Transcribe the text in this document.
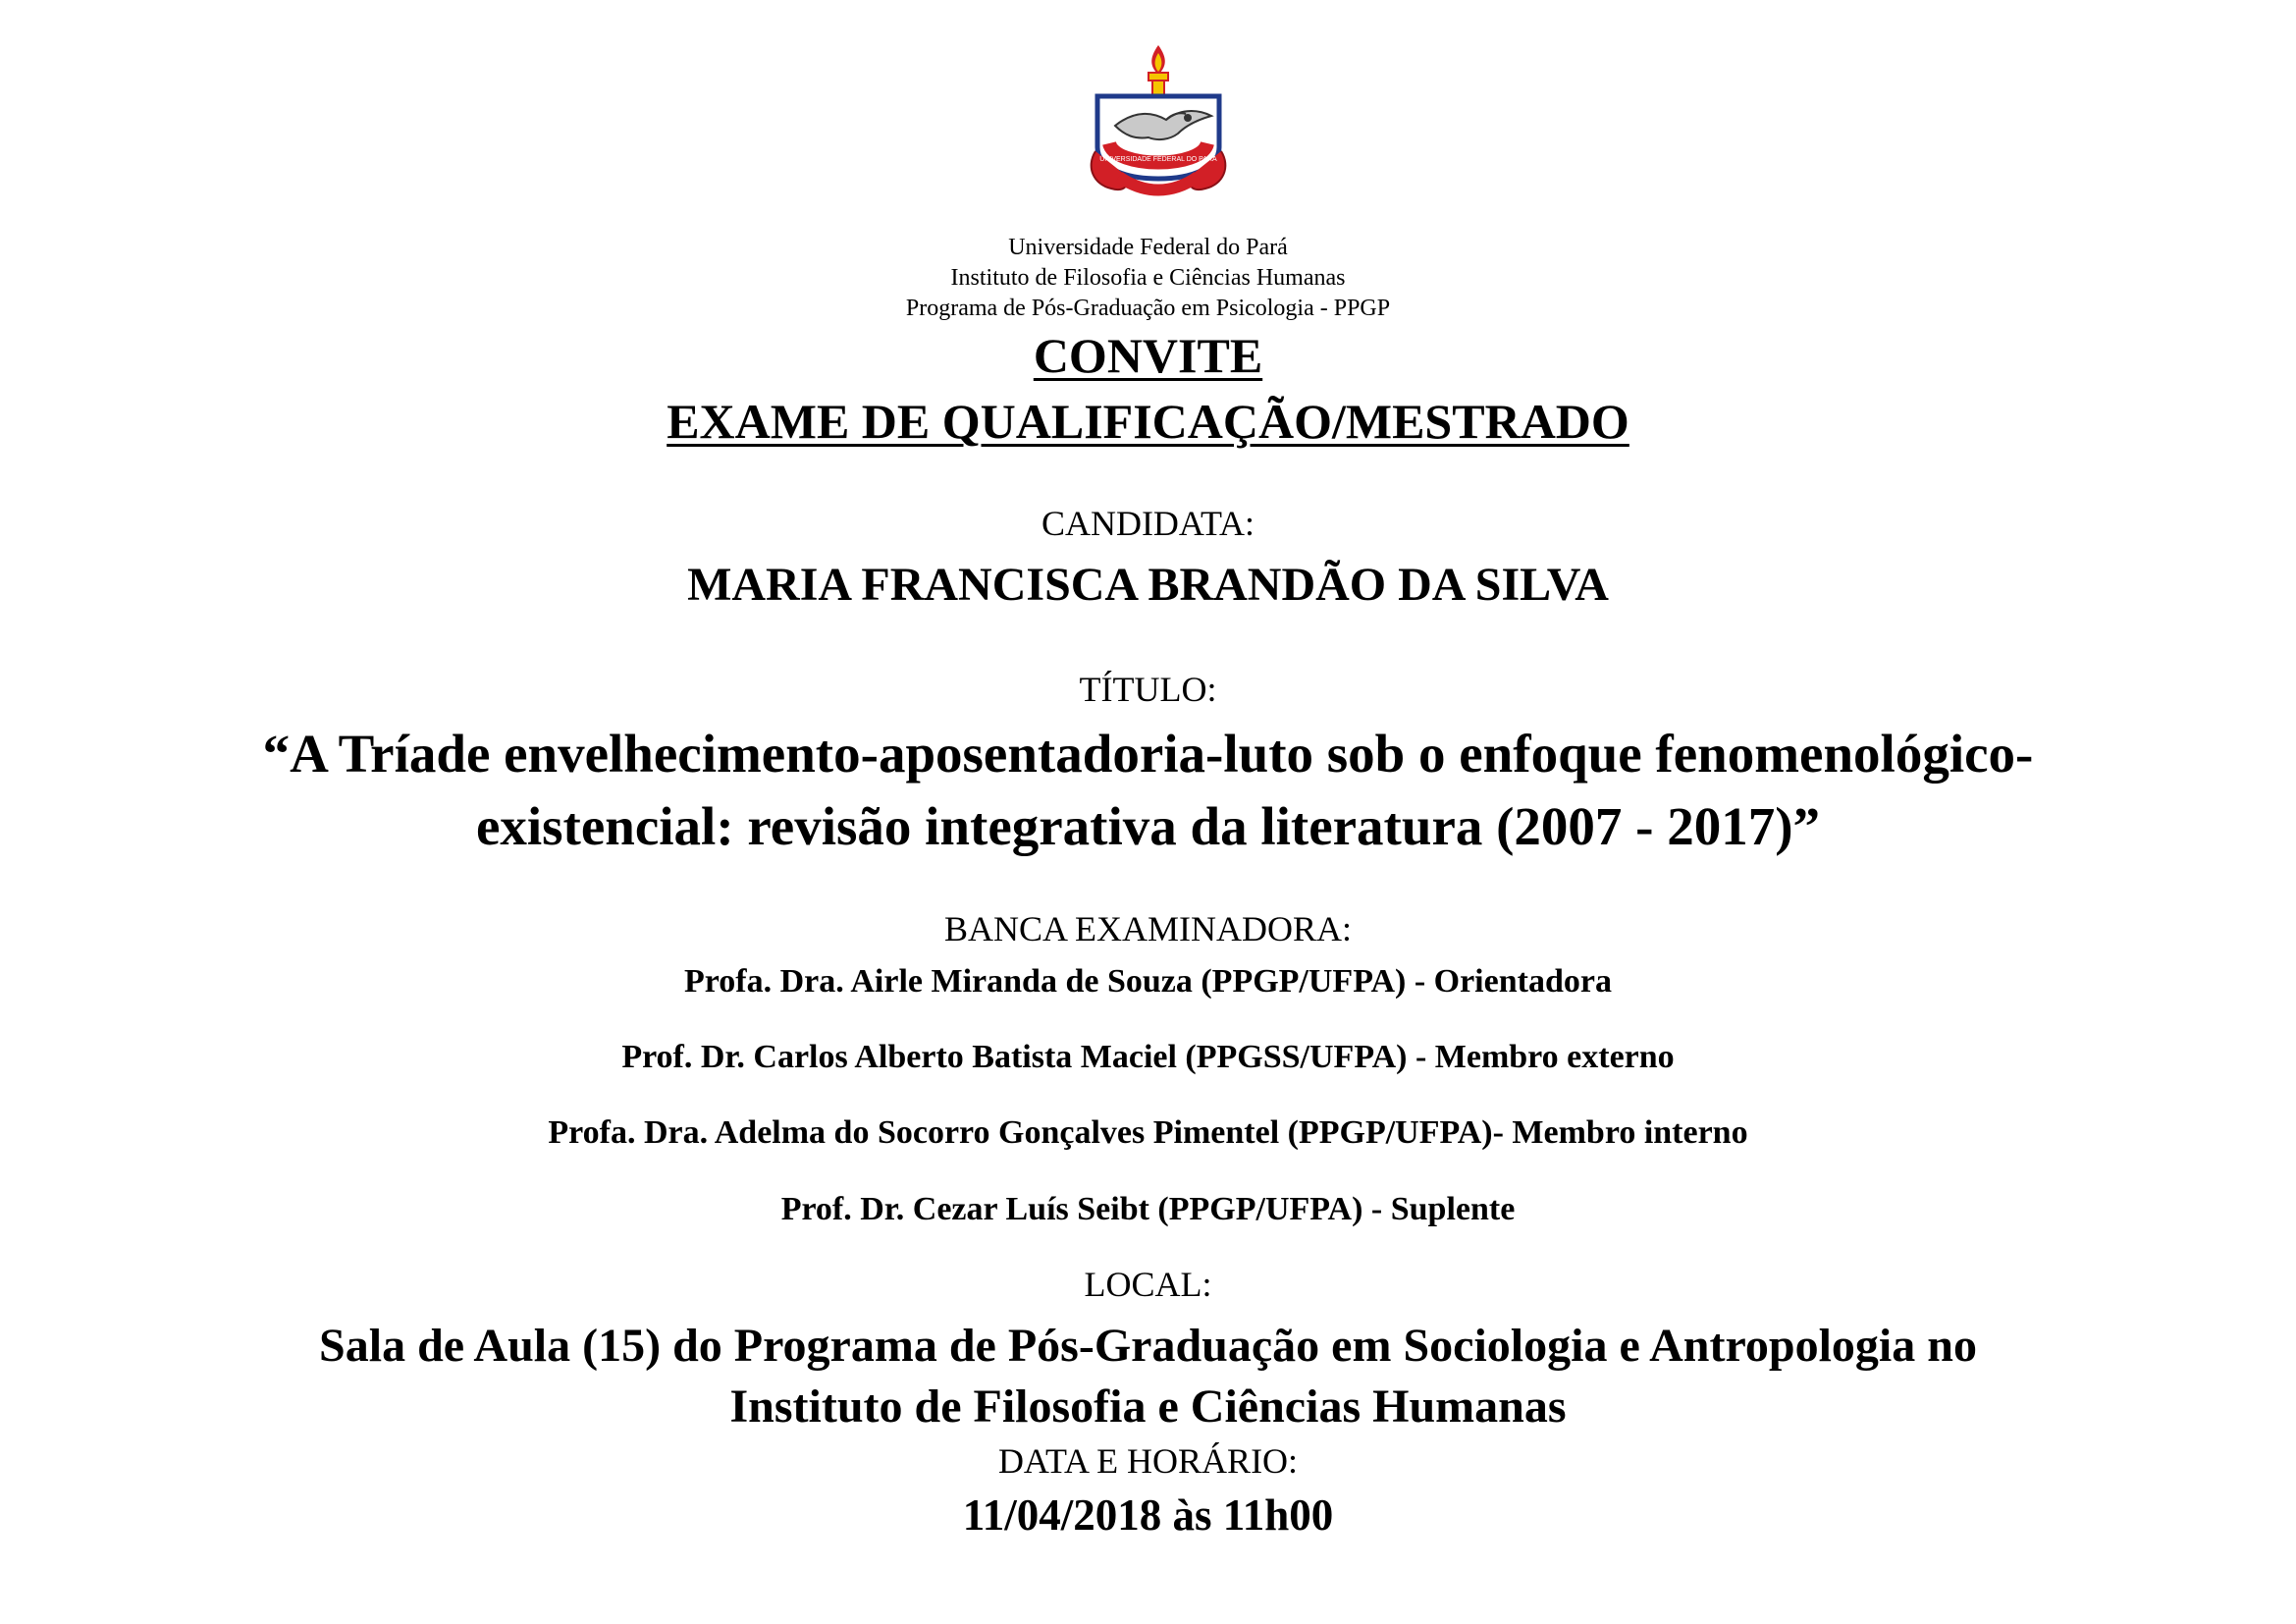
UNIVERSIDADE FEDERAL DO PARÁ
Universidade Federal do Pará
Instituto de Filosofia e Ciências Humanas
Programa de Pós-Graduação em Psicologia - PPGP
CONVITE
EXAME DE QUALIFICAÇÃO/MESTRADO
CANDIDATA:
MARIA FRANCISCA BRANDÃO DA SILVA
TÍTULO:
“A Tríade envelhecimento-aposentadoria-luto sob o enfoque fenomenológico-
existencial: revisão integrativa da literatura (2007 - 2017)”
BANCA EXAMINADORA:
Profa. Dra. Airle Miranda de Souza (PPGP/UFPA) - Orientadora
Prof. Dr. Carlos Alberto Batista Maciel (PPGSS/UFPA) - Membro externo
Profa. Dra. Adelma do Socorro Gonçalves Pimentel (PPGP/UFPA)- Membro interno
Prof. Dr. Cezar Luís Seibt (PPGP/UFPA) - Suplente
LOCAL:
Sala de Aula (15) do Programa de Pós-Graduação em Sociologia e Antropologia no
Instituto de Filosofia e Ciências Humanas
DATA E HORÁRIO:
11/04/2018 às 11h00
